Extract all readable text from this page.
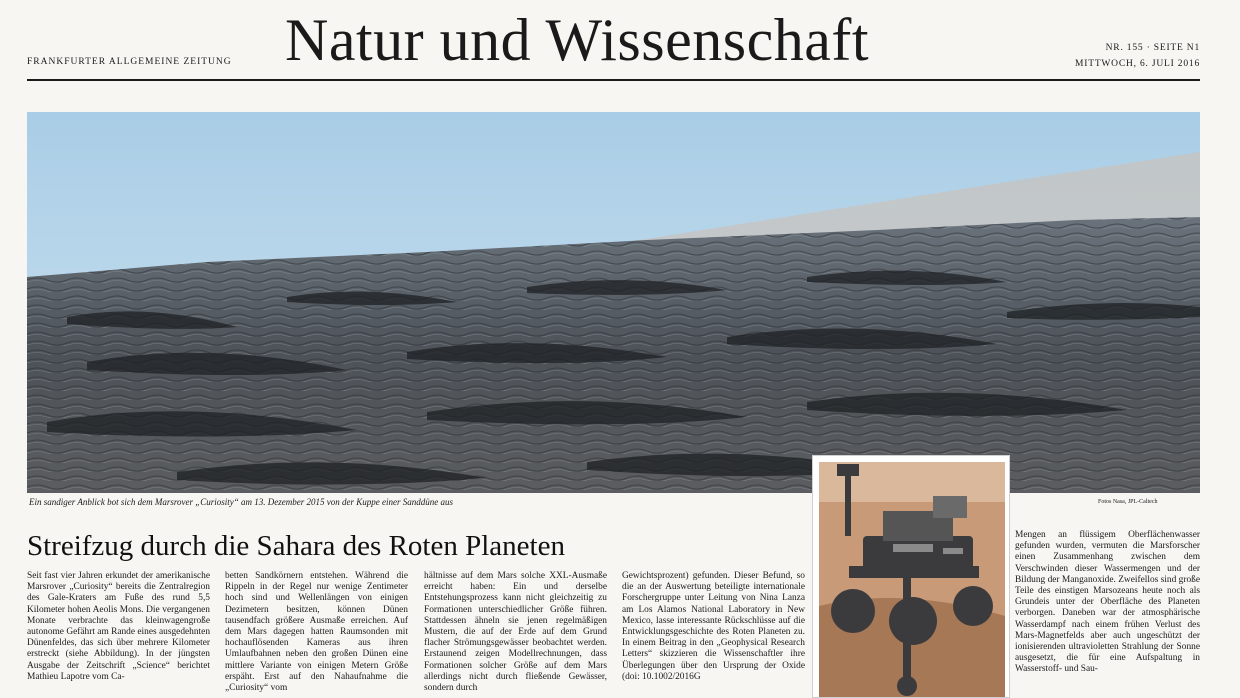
FRANKFURTER ALLGEMEINE ZEITUNG Natur und Wissenschaft	NR. 155 · SEITE N1
MITTWOCH, 6. JULI 2016
Ein sandiger Anblick bot sich dem Marsrover „Curiosity“ am 13. Dezember 2015 von der Kuppe einer Sanddüne aus	Fotos Nasa, JPL-Caltech
Streifzug durch die Sahara des Roten Planeten

Seit fast vier Jahren erkundet der amerikanische Marsrover „Curiosity“ bereits die Zentralregion des Gale-Kraters am Fuße des rund 5,5 Kilometer hohen Aeolis Mons. Die vergangenen Monate verbrachte das kleinwagengroße autonome Gefährt am Rande eines ausgedehnten Dünenfeldes, das sich über mehrere Kilometer erstreckt (siehe Abbildung). In der jüngsten Ausgabe der Zeitschrift „Science“ berichtet Mathieu Lapotre vom Ca-

betten Sandkörnern entstehen. Während die Rippeln in der Regel nur wenige Zentimeter hoch sind und Wellenlängen von einigen Dezimetern besitzen, können Dünen tausendfach größere Ausmaße erreichen. Auf dem Mars dagegen hatten Raumsonden mit hochauflösenden Kameras aus ihren Umlaufbahnen neben den großen Dünen eine mittlere Variante von einigen Metern Größe erspäht. Erst auf den Nahaufnahme die „Curiosity“ vom

hältnisse auf dem Mars solche XXL-Ausmaße erreicht haben: Ein und derselbe Entstehungsprozess kann nicht gleichzeitig zu Formationen unterschiedlicher Größe führen. Stattdessen ähneln sie jenen regelmäßigen Mustern, die auf der Erde auf dem Grund flacher Strömungsgewässer beobachtet werden. Erstaunend zeigen Modellrechnungen, dass Formationen solcher Größe auf dem Mars allerdings nicht durch fließende Gewässer, sondern durch

Gewichtsprozent) gefunden. Dieser Befund, so die an der Auswertung beteiligte internationale Forschergruppe unter Leitung von Nina Lanza am Los Alamos National Laboratory in New Mexico, lasse interessante Rückschlüsse auf die Entwicklungsgeschichte des Roten Planeten zu. In einem Beitrag in den „Geophysical Research Letters“ skizzieren die Wissenschaftler ihre Überlegungen über den Ursprung der Oxide (doi: 10.1002/2016G

Mengen an flüssigem Oberflächenwasser gefunden wurden, vermuten die Marsforscher einen Zusammenhang zwischen dem Verschwinden dieser Wassermengen und der Bildung der Manganoxide. Zweifellos sind große Teile des einstigen Marsozeans heute noch als Grundeis unter der Oberfläche des Planeten verborgen. Daneben war der atmosphärische Wasserdampf nach einem frühen Verlust des Mars-Magnetfelds aber auch ungeschützt der ionisierenden ultravioletten Strahlung der Sonne ausgesetzt, die für eine Aufspaltung in Wasserstoff- und Sau-
